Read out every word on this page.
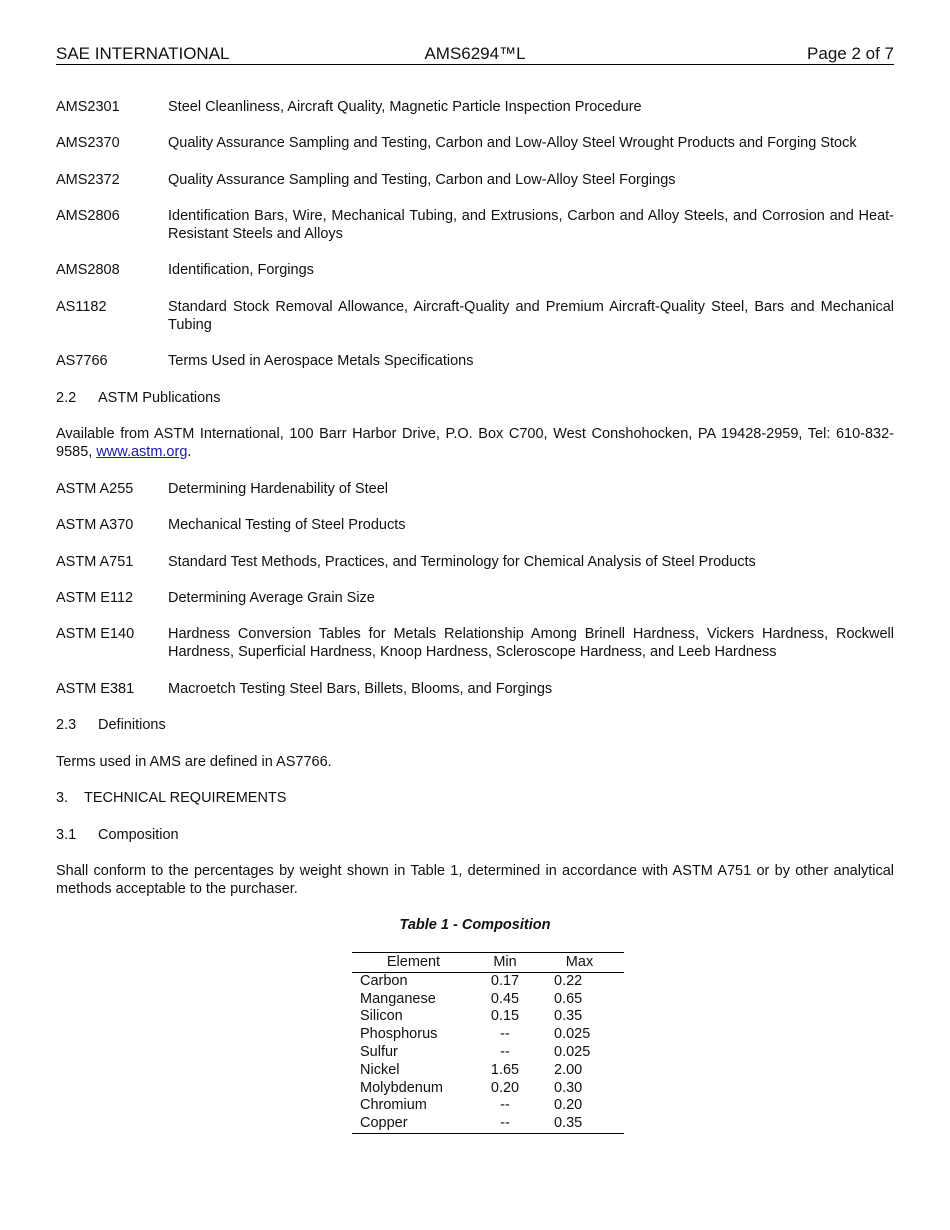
SAE INTERNATIONAL	AMS6294™L	Page 2 of 7
AMS2301	Steel Cleanliness, Aircraft Quality, Magnetic Particle Inspection Procedure
AMS2370	Quality Assurance Sampling and Testing, Carbon and Low-Alloy Steel Wrought Products and Forging Stock
AMS2372	Quality Assurance Sampling and Testing, Carbon and Low-Alloy Steel Forgings
AMS2806	Identification Bars, Wire, Mechanical Tubing, and Extrusions, Carbon and Alloy Steels, and Corrosion and Heat-Resistant Steels and Alloys
AMS2808	Identification, Forgings
AS1182	Standard Stock Removal Allowance, Aircraft-Quality and Premium Aircraft-Quality Steel, Bars and Mechanical Tubing
AS7766	Terms Used in Aerospace Metals Specifications
2.2 ASTM Publications
Available from ASTM International, 100 Barr Harbor Drive, P.O. Box C700, West Conshohocken, PA 19428-2959, Tel: 610-832-9585, www.astm.org.
ASTM A255	Determining Hardenability of Steel
ASTM A370	Mechanical Testing of Steel Products
ASTM A751	Standard Test Methods, Practices, and Terminology for Chemical Analysis of Steel Products
ASTM E112	Determining Average Grain Size
ASTM E140	Hardness Conversion Tables for Metals Relationship Among Brinell Hardness, Vickers Hardness, Rockwell Hardness, Superficial Hardness, Knoop Hardness, Scleroscope Hardness, and Leeb Hardness
ASTM E381	Macroetch Testing Steel Bars, Billets, Blooms, and Forgings
2.3 Definitions
Terms used in AMS are defined in AS7766.
3. TECHNICAL REQUIREMENTS
3.1 Composition
Shall conform to the percentages by weight shown in Table 1, determined in accordance with ASTM A751 or by other analytical methods acceptable to the purchaser.
Table 1 - Composition
Element	Min	Max
Carbon	0.17	0.22
Manganese	0.45	0.65
Silicon	0.15	0.35
Phosphorus	--	0.025
Sulfur	--	0.025
Nickel	1.65	2.00
Molybdenum	0.20	0.30
Chromium	--	0.20
Copper	--	0.35
